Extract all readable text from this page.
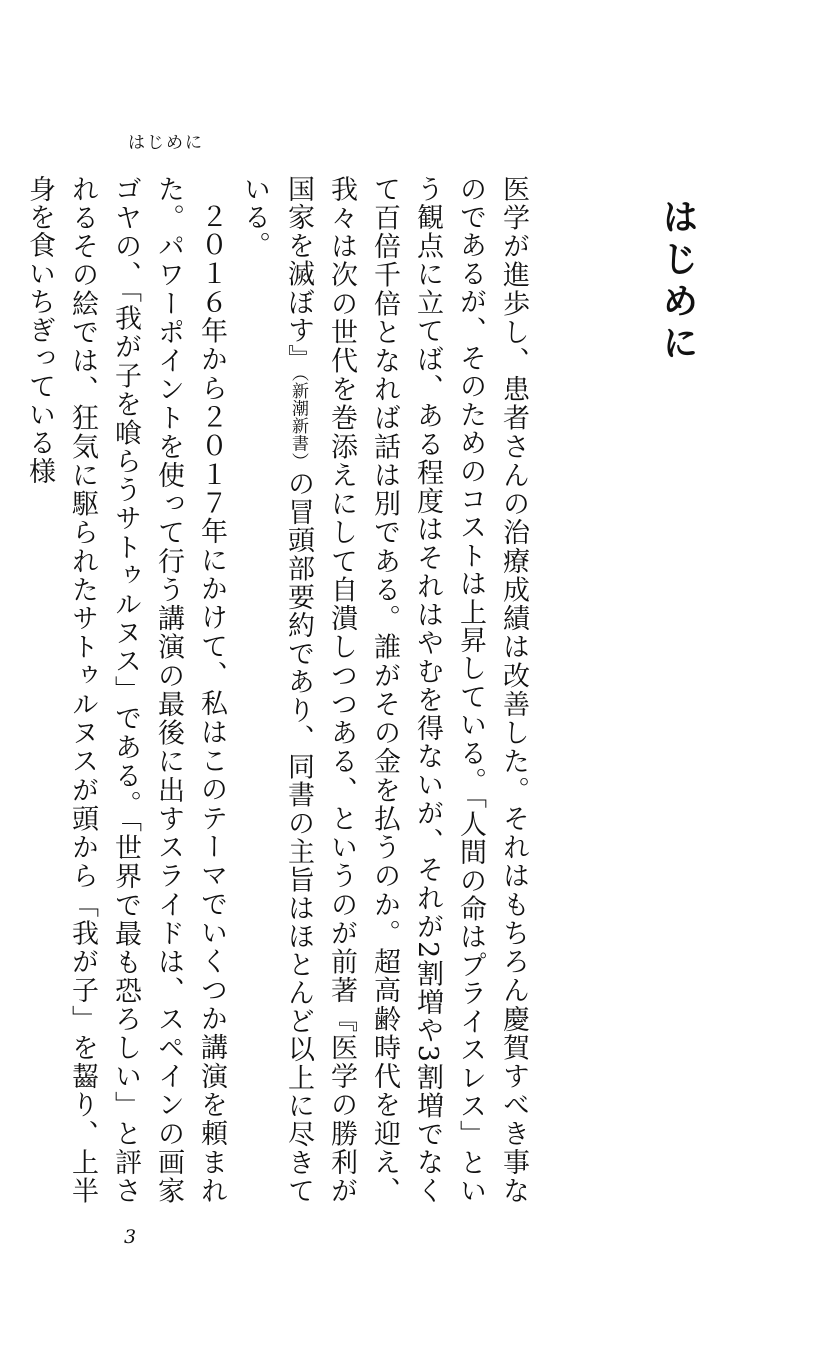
はじめに
はじめに

医学が進歩し、患者さんの治療成績は改善した。それはもちろん慶賀すべき事なのであるが、そのためのコストは上昇している。「人間の命はプライスレス」という観点に立てば、ある程度はそれはやむを得ないが、それが2割増や3割増でなくて百倍千倍となれば話は別である。誰がその金を払うのか。超高齢時代を迎え、我々は次の世代を巻添えにして自潰しつつある、というのが前著『医学の勝利が国家を滅ぼす』（新潮新書）の冒頭部要約であり、同書の主旨はほとんど以上に尽きている。

２０１６年から２０１７年にかけて、私はこのテーマでいくつか講演を頼まれた。パワーポイントを使って行う講演の最後に出すスライドは、スペインの画家ゴヤの、「我が子を喰らうサトゥルヌス」である。「世界で最も恐ろしい」と評されるその絵では、狂気に駆られたサトゥルヌスが頭から「我が子」を齧り、上半身を食いちぎっている様

3
